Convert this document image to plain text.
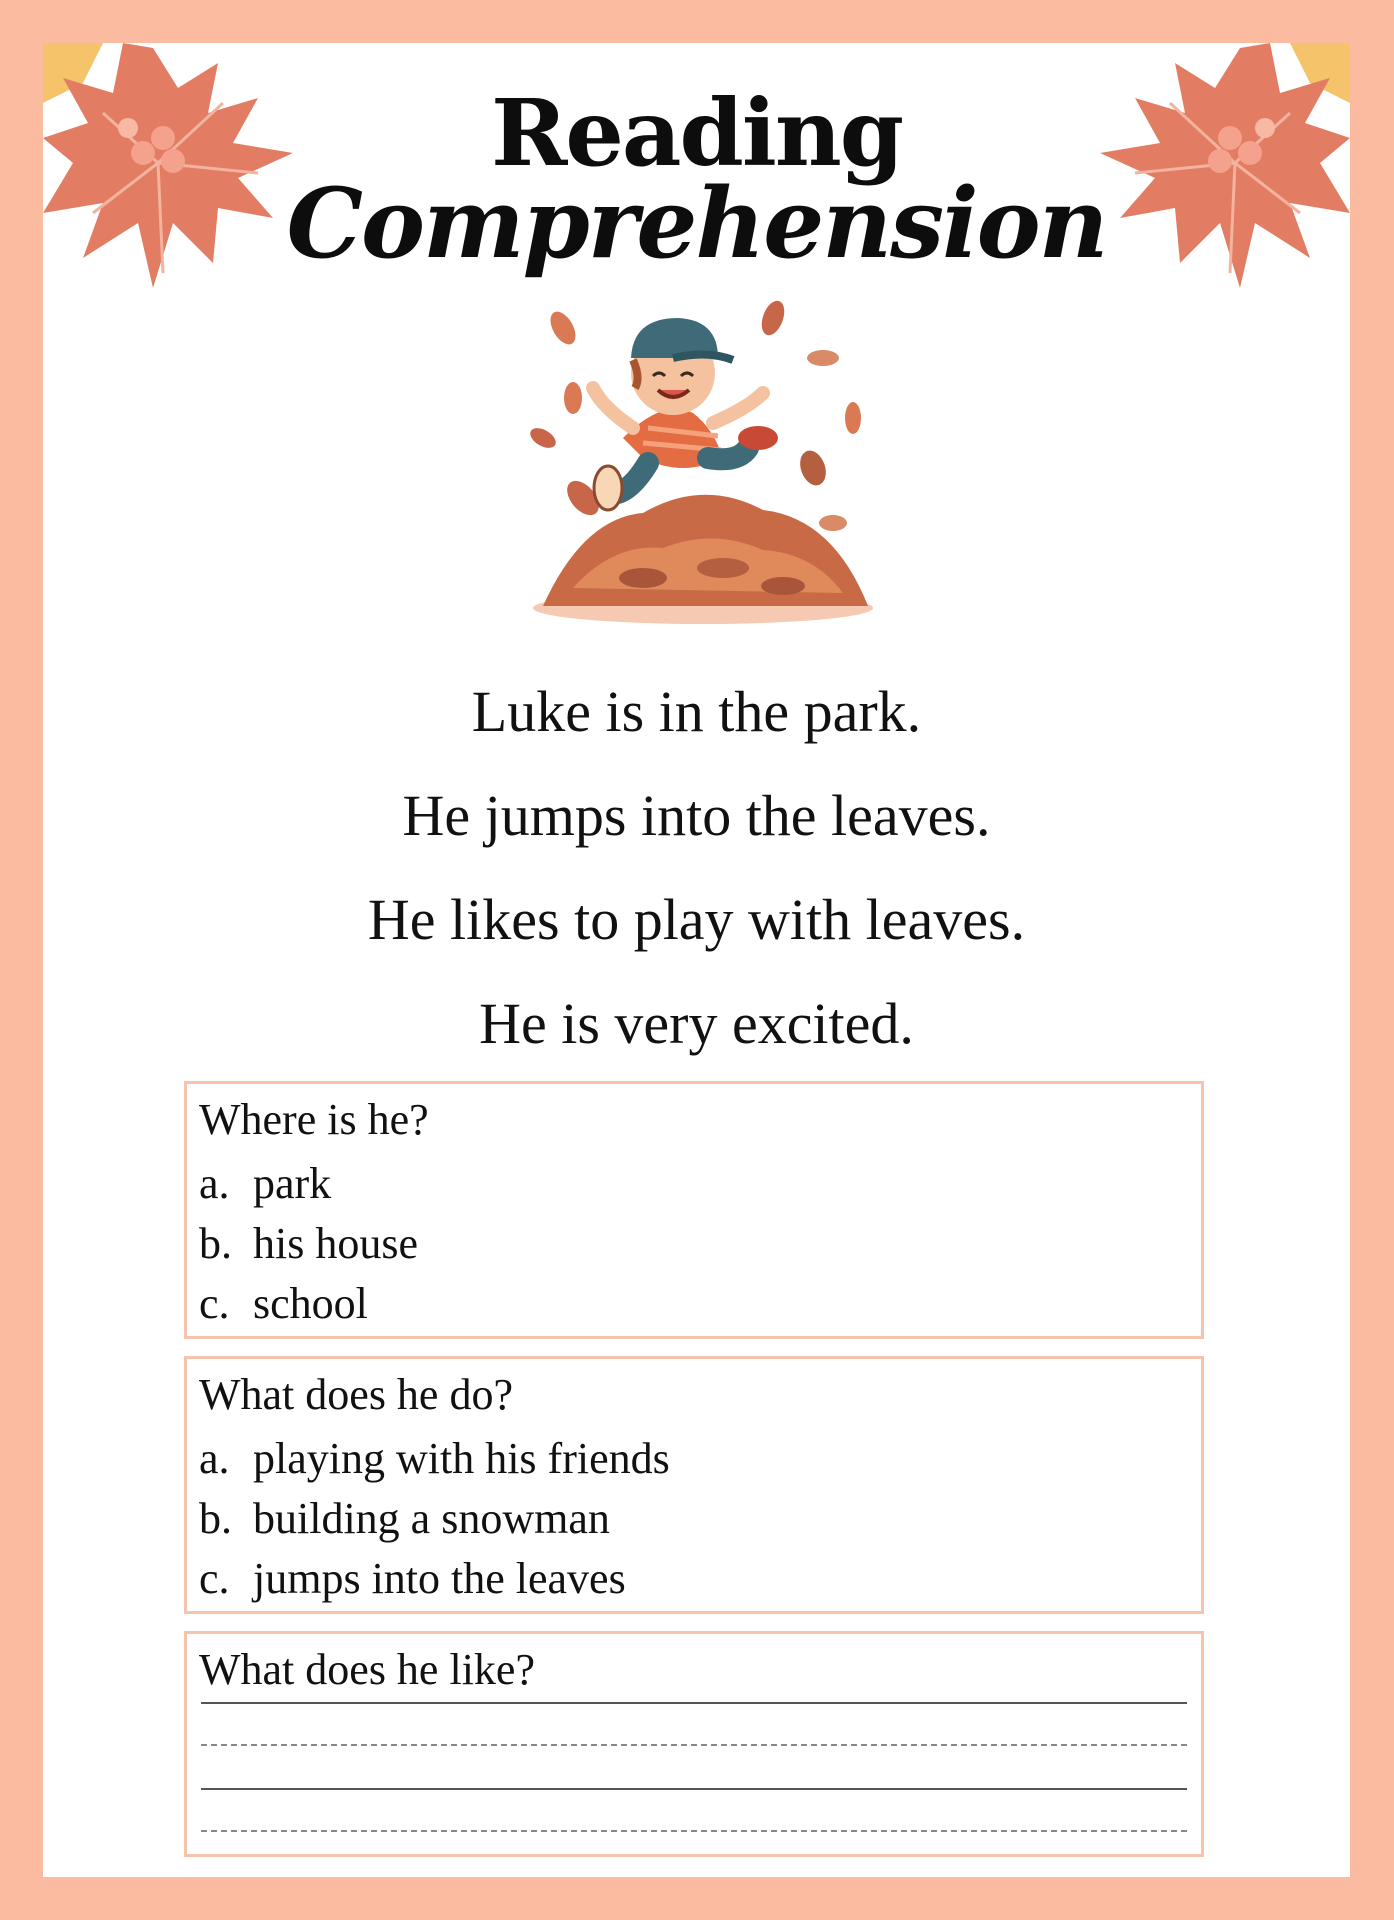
Reading
Comprehension
Luke is in the park.
He jumps into the leaves.
He likes to play with leaves.
He is very excited.
Where is he?
a. park
b. his house
c. school
What does he do?
a. playing with his friends
b. building a snowman
c. jumps into the leaves
What does he like?
